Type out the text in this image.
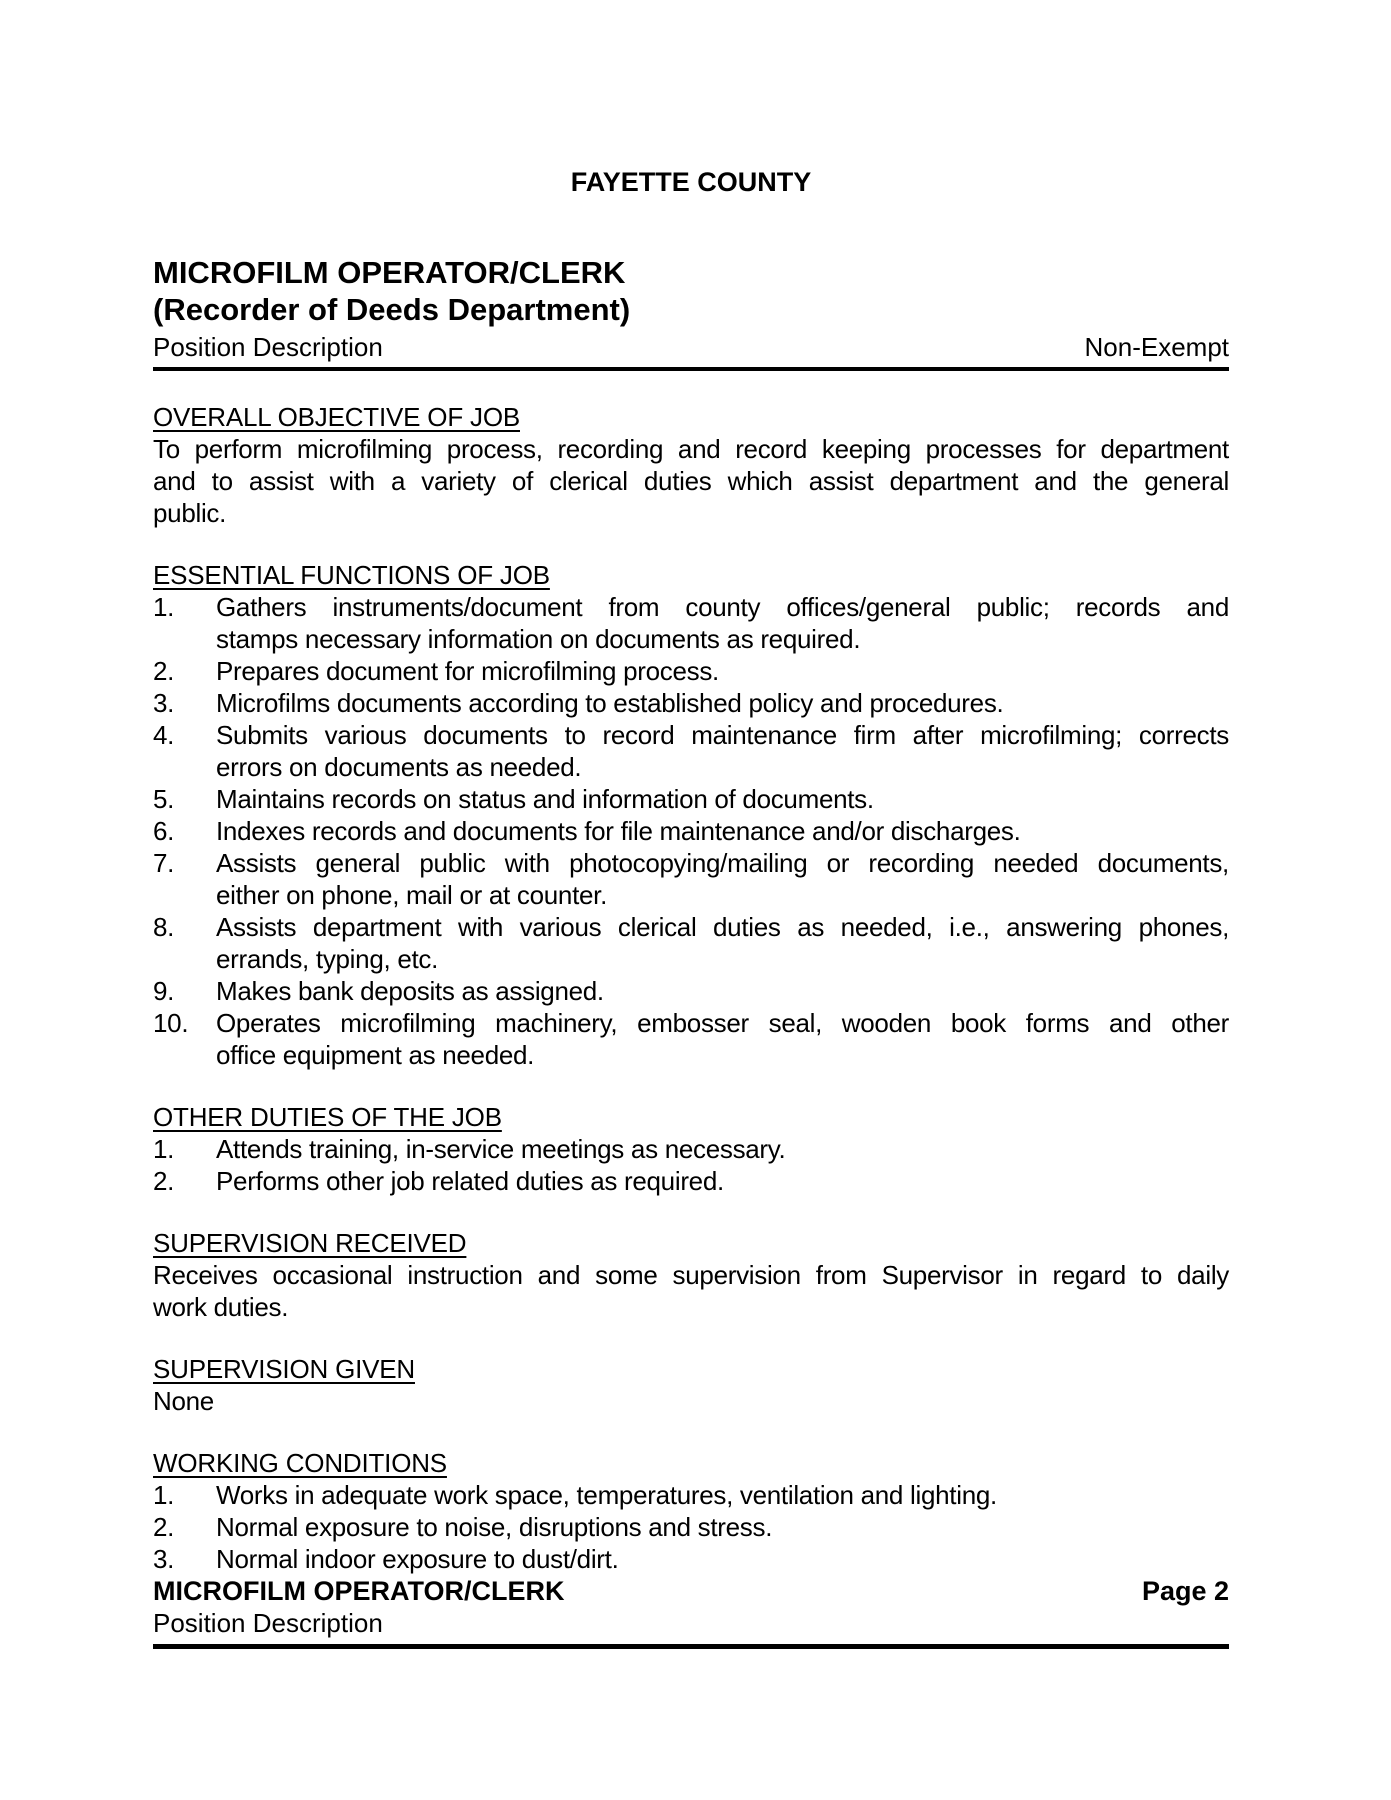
FAYETTE COUNTY
MICROFILM OPERATOR/CLERK
(Recorder of Deeds Department)
Position Description	Non-Exempt
OVERALL OBJECTIVE OF JOB
To perform microfilming process, recording and record keeping processes for department
and to assist with a variety of clerical duties which assist department and the general
public.
ESSENTIAL FUNCTIONS OF JOB
1.	Gathers instruments/document from county offices/general public; records and
stamps necessary information on documents as required.
2.	Prepares document for microfilming process.
3.	Microfilms documents according to established policy and procedures.
4.	Submits various documents to record maintenance firm after microfilming; corrects
errors on documents as needed.
5.	Maintains records on status and information of documents.
6.	Indexes records and documents for file maintenance and/or discharges.
7.	Assists general public with photocopying/mailing or recording needed documents,
either on phone, mail or at counter.
8.	Assists department with various clerical duties as needed, i.e., answering phones,
errands, typing, etc.
9.	Makes bank deposits as assigned.
10.	Operates microfilming machinery, embosser seal, wooden book forms and other
office equipment as needed.
OTHER DUTIES OF THE JOB
1.	Attends training, in-service meetings as necessary.
2.	Performs other job related duties as required.
SUPERVISION RECEIVED
Receives occasional instruction and some supervision from Supervisor in regard to daily
work duties.
SUPERVISION GIVEN
None
WORKING CONDITIONS
1.	Works in adequate work space, temperatures, ventilation and lighting.
2.	Normal exposure to noise, disruptions and stress.
3.	Normal indoor exposure to dust/dirt.
MICROFILM OPERATOR/CLERK	Page 2
Position Description
